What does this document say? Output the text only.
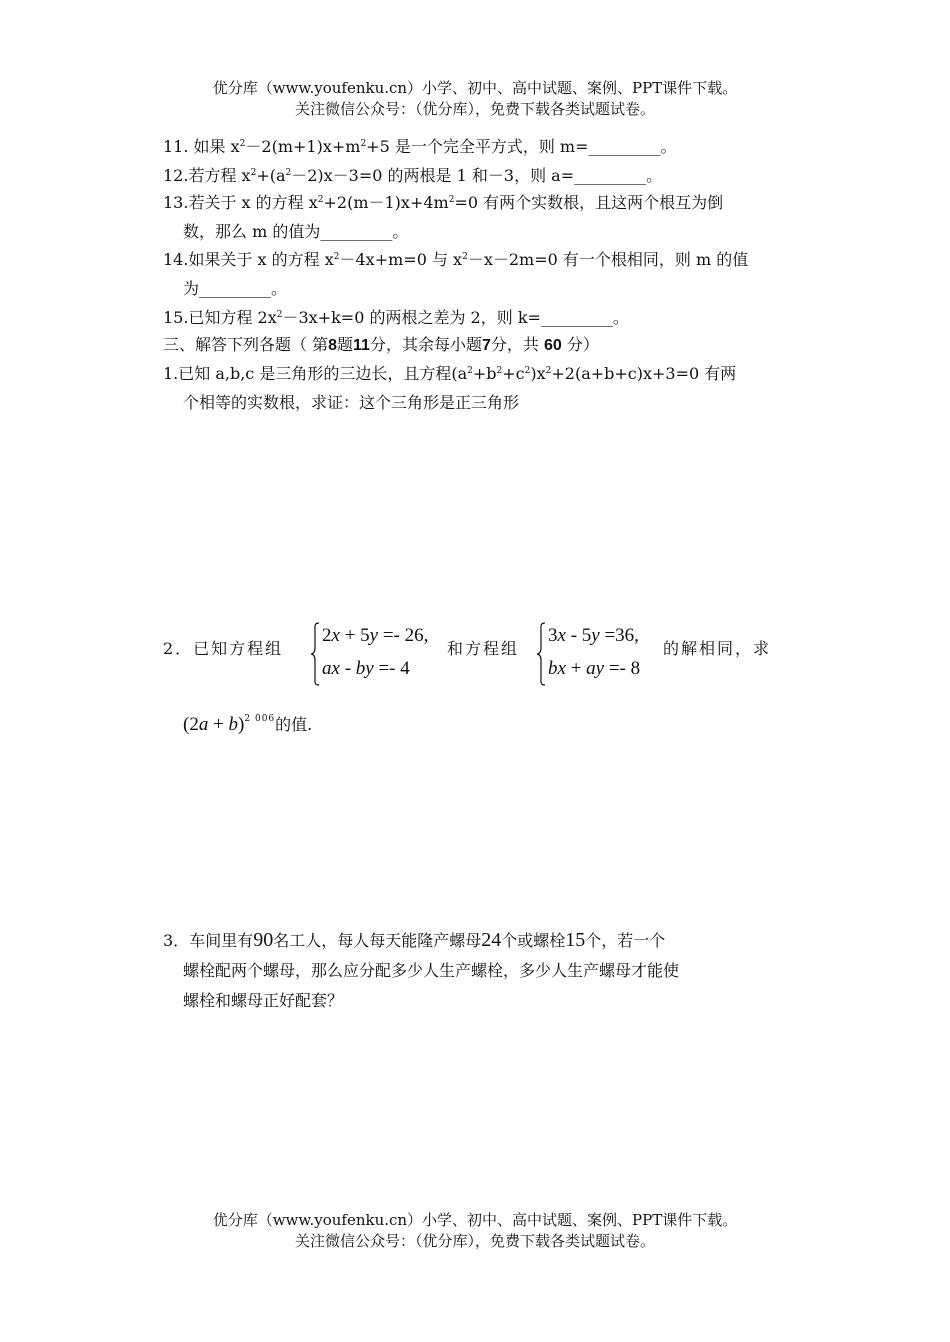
优分库（www.youfenku.cn）小学、初中、高中试题、案例、PPT课件下载。
关注微信公众号：（优分库），免费下载各类试题试卷。
11. 如果 $x^2-2(m+1)x+m^2+5$ 是一个完全平方式，则 m=_________。
12.若方程 $x^2+(a^2-2)x-3=0$ 的两根是 1 和－3，则 a=_________。
13.若关于 x 的方程 $x^2+2(m-1)x+4m^2=0$ 有两个实数根，且这两个根互为倒
数，那么 m 的值为_________。
14.如果关于 x 的方程 $x^2-4x+m=0$ 与 $x^2-x-2m=0$ 有一个根相同，则 m 的值
为_________。
15.已知方程 $2x^2-3x+k=0$ 的两根之差为 2，则 k=_________。
三、解答下列各题（ 第8题11分，其余每小题7分，共 60 分）
1.已知 a,b,c 是三角形的三边长，且方程$(a^2+b^2+c^2)x^2+2(a+b+c)x+3=0$ 有两
个相等的实数根，求证：这个三角形是正三角形
2．已知方程组
2x + 5y =- 26,
ax - by =- 4
和方程组
3x - 5y =36,
bx + ay =- 8
的解相同，求
$(2a + b)^{2 006}$的值.
3．车间里有90名工人，每人每天能隆产螺母24个或螺栓15个，若一个
螺栓配两个螺母，那么应分配多少人生产螺栓，多少人生产螺母才能使
螺栓和螺母正好配套？
优分库（www.youfenku.cn）小学、初中、高中试题、案例、PPT课件下载。
关注微信公众号：（优分库），免费下载各类试题试卷。
